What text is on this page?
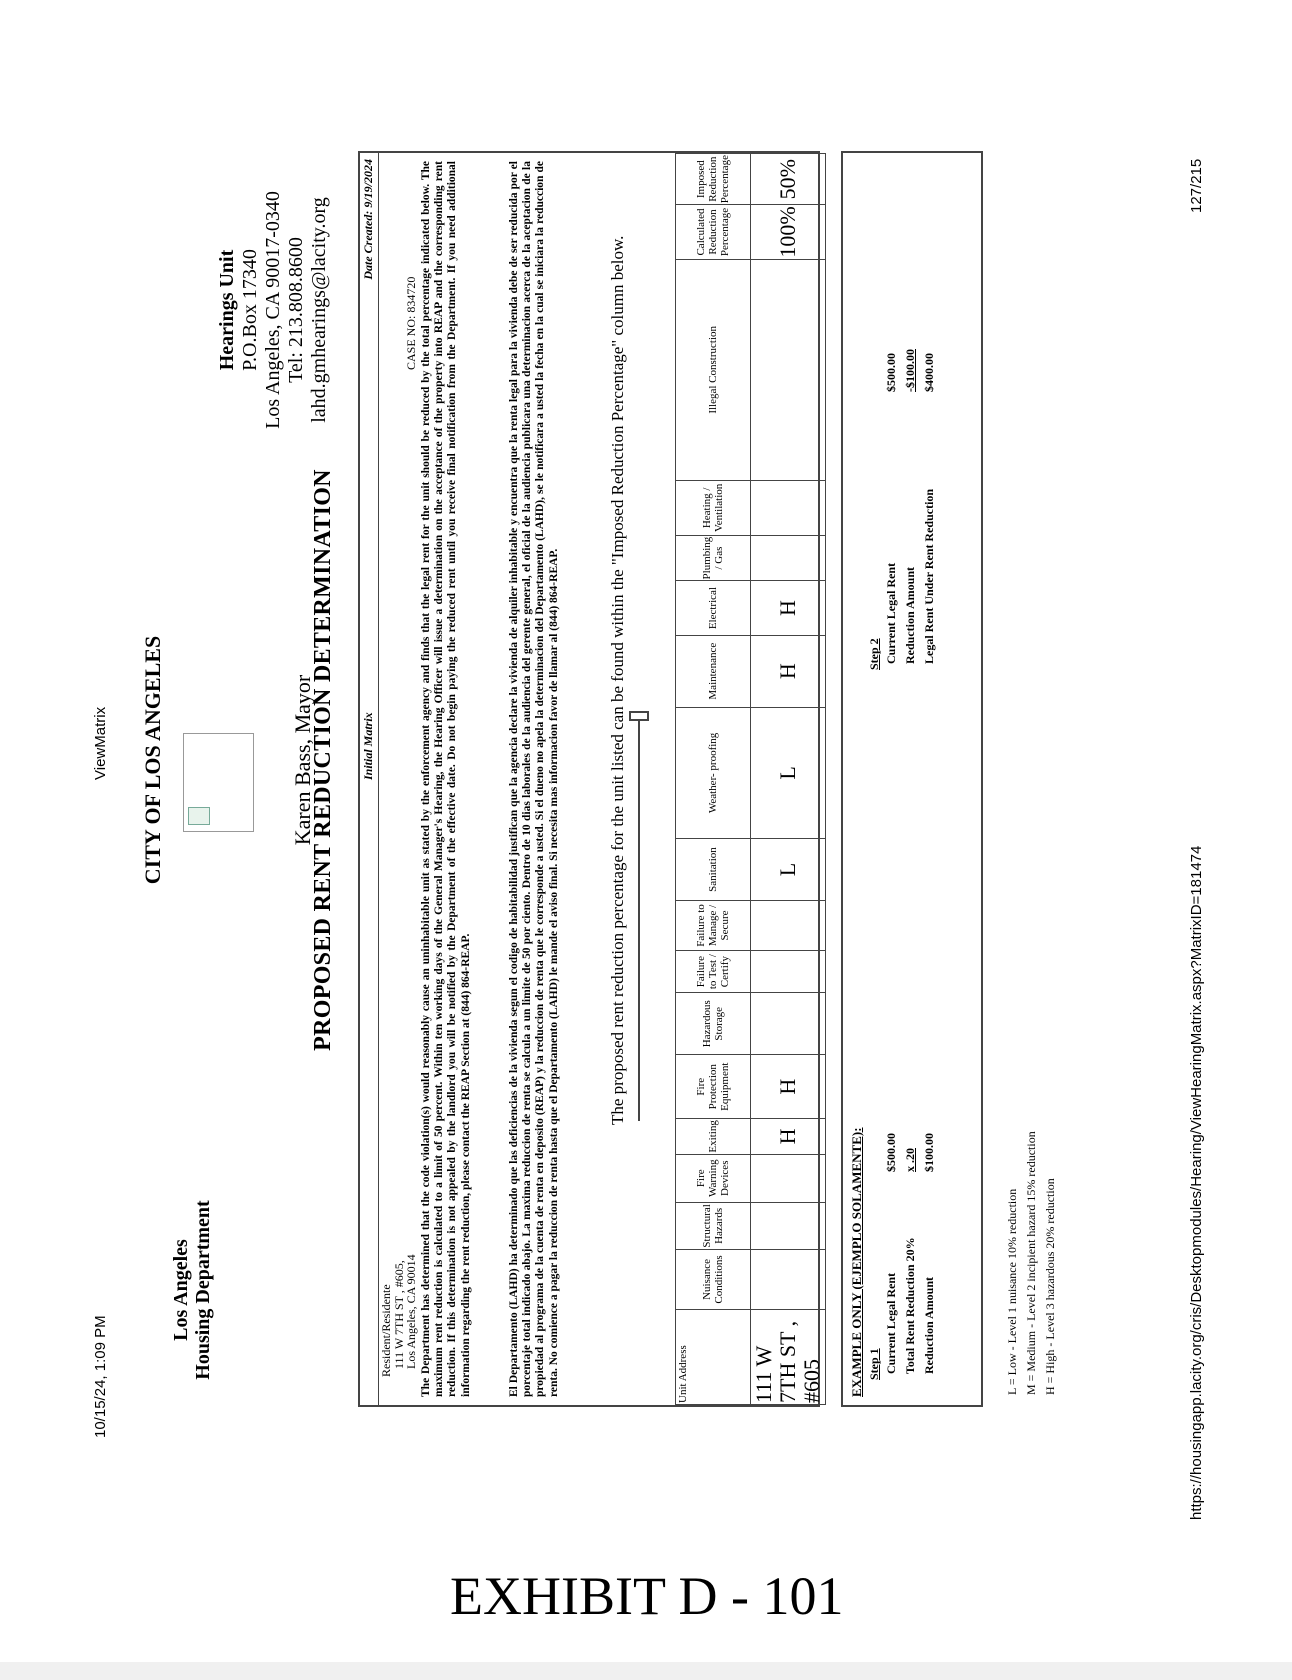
10/15/24, 1:09 PM
ViewMatrix
https://housingapp.lacity.org/cris/Desktopmodules/Hearing/ViewHearingMatrix.aspx?MatrixID=181474
127/215
Los Angeles Housing Department
CITY OF LOS ANGELES	Karen Bass, Mayor
PROPOSED RENT REDUCTION DETERMINATION
Hearings Unit P.O.Box 17340 Los Angeles, CA 90017-0340 Tel: 213.808.8600 lahd.gmhearings@lacity.org
Initial Matrix
Date Created: 9/19/2024
Resident/Residente
111 W 7TH ST , #605,
Los Angeles, CA 90014
CASE NO: 834720 The Department has determined that the code violation(s) would reasonably cause an uninhabitable unit as stated by the enforcement agency and finds that the legal rent for the unit should be reduced by the total percentage indicated below. The maximum rent reduction is calculated to a limit of 50 percent. Within ten working days of the General Manager's Hearing, the Hearing Officer will issue a determination on the acceptance of the property into REAP and the corresponding rent reduction. If this determination is not appealed by the landlord you will be notified by the Department of the effective date. Do not begin paying the reduced rent until you receive final notification from the Department. If you need additional information regarding the rent reduction, please contact the REAP Section at (844) 864-REAP.	El Departamento (LAHD) ha determinado que las deficiencias de la vivienda segun el codigo de habitabilidad justifican que la agencia declare la vivienda de alquiler inhabitable y encuentra que la renta legal para la vivienda debe de ser reducida por el porcentaje total indicado abajo. La maxima reduccion de renta se calcula a un limite de 50 por ciento. Dentro de 10 dias laborales de la audiencia del gerente general, el oficial de la audiencia publicara una determinacion acerca de la aceptacion de la propiedad al programa de la cuenta de renta en deposito (REAP) y la reduccion de renta que le corresponde a usted. Si el dueno no apela la determinacion del Departamento (LAHD), se le notificara a usted la fecha en la cual se iniciara la reduccion de renta. No comience a pagar la reduccion de renta hasta que el Departamento (LAHD) le mande el aviso final. Si necesita mas informacion favor de llamar al (844) 864-REAP.	The proposed rent reduction percentage for the unit listed can be found within the "Imposed Reduction Percentage" column below.
Unit Address	Nuisance Conditions	Structural Hazards	Fire Warning Devices	Exiting	Fire Protection Equipment	Hazardous Storage	Failure to Test / Certify	Failure to Manage / Secure	Sanitation	Weather- proofing	Maintenance	Electrical	Plumbing / Gas	Heating / Ventilation	Illegal Construction	Calculated Reduction Percentage	Imposed Reduction Percentage
111 W 7TH ST , #605				H	H				L	L	H	H				100%	50%
EXAMPLE ONLY (EJEMPLO SOLAMENTE): Step 1 Current Legal Rent	$500.00
Total Rent Reduction 20%	x .20
Reduction Amount	$100.00
Step 2 Current Legal Rent	$500.00
Reduction Amount	-$100.00
Legal Rent Under Rent Reduction	$400.00
L = Low - Level 1 nuisance 10% reduction M = Medium - Level 2 incipient hazard 15% reduction H = High - Level 3 hazardous 20% reduction
EXHIBIT D - 101
